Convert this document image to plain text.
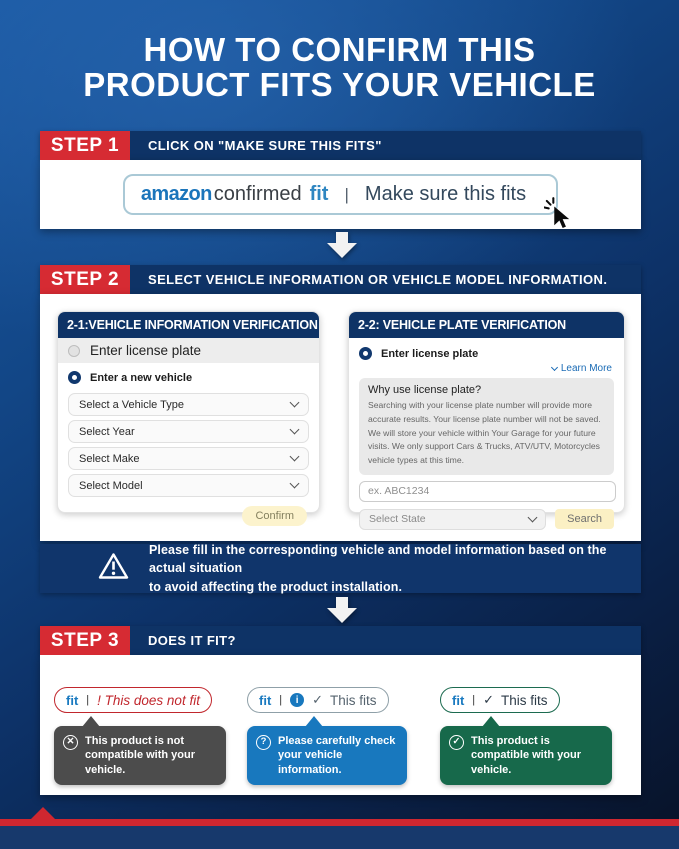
HOW TO CONFIRM THIS
PRODUCT FITS YOUR VEHICLE
STEP 1	CLICK ON "MAKE SURE THIS FITS"
amazon confirmed fit | Make sure this fits
STEP 2	SELECT VEHICLE INFORMATION OR VEHICLE MODEL INFORMATION.
2-1:VEHICLE INFORMATION VERIFICATION
Enter license plate
Enter a new vehicle
Select a Vehicle Type
Select Year
Select Make
Select Model
Confirm
2-2: VEHICLE PLATE VERIFICATION
Enter license plate
Learn More
Why use license plate?
Searching with your license plate number will provide more accurate results. Your license plate number will not be saved. We will store your vehicle within Your Garage for your future visits. We only support Cars & Trucks, ATV/UTV, Motorcycles vehicle types at this time.
ex. ABC1234
Select State	Search
Please fill in the corresponding vehicle and model information based on the actual situation
to avoid affecting the product installation.
STEP 3	DOES IT FIT?
fit | ! This does not fit
✕ This product is not compatible with your vehicle.
fit |	i	✓ This fits
?	Please carefully check your vehicle information.
fit | ✓ This fits
✓ This product is compatible with your vehicle.
